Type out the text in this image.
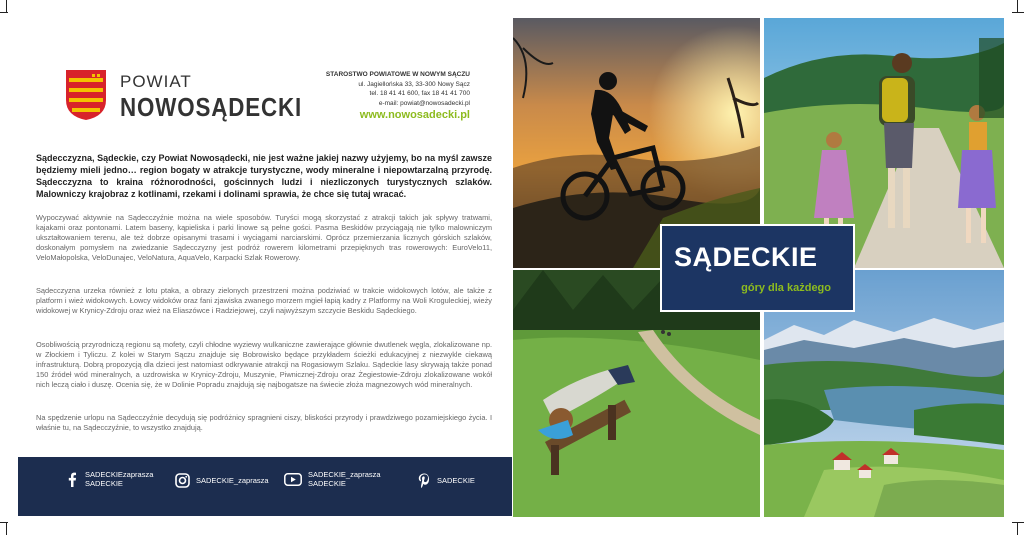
POWIAT
NOWOSĄDECKI
STAROSTWO POWIATOWE W NOWYM SĄCZU
ul. Jagiellońska 33, 33-300 Nowy Sącz
tel. 18 41 41 600, fax 18 41 41 700
e-mail: powiat@nowosadecki.pl
www.nowosadecki.pl
Sądecczyzna, Sądeckie, czy Powiat Nowosądecki, nie jest ważne jakiej nazwy użyjemy, bo na myśl zawsze będziemy mieli jedno… region bogaty w atrakcje turystyczne, wody mineralne i niepowtarzalną przyrodę. Sądecczyzna to kraina różnorodności, gościnnych ludzi i niezliczonych turystycznych szlaków. Malowniczy krajobraz z kotlinami, rzekami i dolinami sprawia, że chce się tutaj wracać.
Wypoczywać aktywnie na Sądecczyźnie można na wiele sposobów. Turyści mogą skorzystać z atrakcji takich jak spływy tratwami, kajakami oraz pontonami. Latem baseny, kąpieliska i parki linowe są pełne gości. Pasma Beskidów przyciągają nie tylko malowniczym ukształtowaniem terenu, ale też dobrze opisanymi trasami i wyciągami narciarskimi. Oprócz przemierzania licznych górskich szlaków, doskonałym pomysłem na zwiedzanie Sądecczyzny jest podróż rowerem kilometrami przepięknych tras rowerowych: EuroVelo11, VeloMałopolska, VeloDunajec, VeloNatura, AquaVelo, Karpacki Szlak Rowerowy.
Sądecczyzna urzeka również z lotu ptaka, a obrazy zielonych przestrzeni można podziwiać w trakcie widokowych lotów, ale także z platform i wież widokowych. Łowcy widoków oraz fani zjawiska zwanego morzem mgieł łapią kadry z Platformy na Woli Kroguleckiej, wieży widokowej w Krynicy-Zdroju oraz wież na Eliaszówce i Radziejowej, czyli najwyższym szczycie Beskidu Sądeckiego.
Osobliwością przyrodniczą regionu są mofety, czyli chłodne wyziewy wulkaniczne zawierające głównie dwutlenek węgla, zlokalizowane np. w Złockiem i Tyliczu. Z kolei w Starym Sączu znajduje się Bobrowisko będące przykładem ścieżki edukacyjnej z niezwykle ciekawą infrastrukturą. Dobrą propozycją dla dzieci jest natomiast odkrywanie atrakcji na Rogasiowym Szlaku. Sądeckie lasy skrywają także ponad 150 źródeł wód mineralnych, a uzdrowiska w Krynicy-Zdroju, Muszynie, Piwnicznej-Zdroju oraz Żegiestowie-Zdroju zlokalizowane wokół nich leczą ciało i duszę. Ocenia się, że w Dolinie Popradu znajdują się najbogatsze na świecie złoża magnezowych wód mineralnych.
Na spędzenie urlopu na Sądecczyźnie decydują się podróżnicy spragnieni ciszy, bliskości przyrody i prawdziwego pozamiejskiego życia. I właśnie tu, na Sądecczyźnie, to wszystko znajdują.
SADECKIEzaprasza
SADECKIE	SADECKIE_zapraszа
SADECKIE_zaprasza
SADECKIE	SADECKIE
SĄDECKIE
góry dla każdego
